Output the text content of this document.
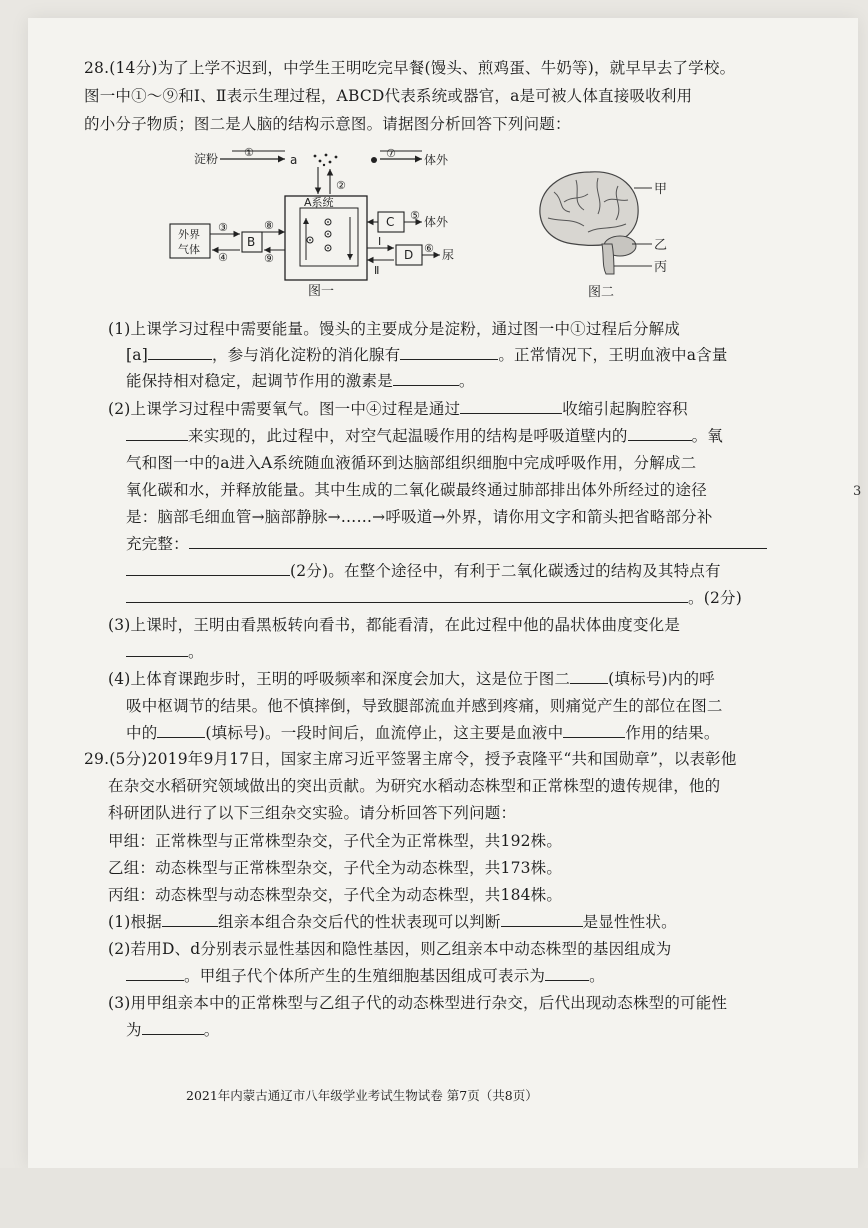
28.(14分)为了上学不迟到，中学生王明吃完早餐(馒头、煎鸡蛋、牛奶等)，就早早去了学校。
图一中①～⑨和Ⅰ、Ⅱ表示生理过程，ABCD代表系统或器官，a是可被人体直接吸收利用
的小分子物质；图二是人脑的结构示意图。请据图分析回答下列问题：
淀粉 ①
a	⑦ 体外
②
A系统
外界
气体
③
④
B
⑧
⑨
C ⑤ 体外
Ⅰ
Ⅱ
D ⑥ 尿
图一
甲
乙
丙
图二
(1)上课学习过程中需要能量。馒头的主要成分是淀粉，通过图一中①过程后分解成
[a]	，参与消化淀粉的消化腺有	。正常情况下，王明血液中a含量
能保持相对稳定，起调节作用的激素是	。
(2)上课学习过程中需要氧气。图一中④过程是通过	收缩引起胸腔容积
来实现的，此过程中，对空气起温暖作用的结构是呼吸道壁内的	。氧
气和图一中的a进入A系统随血液循环到达脑部组织细胞中完成呼吸作用，分解成二
氧化碳和水，并释放能量。其中生成的二氧化碳最终通过肺部排出体外所经过的途径
是：脑部毛细血管→脑部静脉→……→呼吸道→外界，请你用文字和箭头把省略部分补
充完整：
(2分)。在整个途径中，有利于二氧化碳透过的结构及其特点有
。(2分)
(3)上课时，王明由看黑板转向看书，都能看清，在此过程中他的晶状体曲度变化是
。
(4)上体育课跑步时，王明的呼吸频率和深度会加大，这是位于图二 (填标号)内的呼
吸中枢调节的结果。他不慎摔倒，导致腿部流血并感到疼痛，则痛觉产生的部位在图二
中的	(填标号)。一段时间后，血流停止，这主要是血液中	作用的结果。
29.(5分)2019年9月17日，国家主席习近平签署主席令，授予袁隆平“共和国勋章”，以表彰他
在杂交水稻研究领域做出的突出贡献。为研究水稻动态株型和正常株型的遗传规律，他的
科研团队进行了以下三组杂交实验。请分析回答下列问题：
甲组：正常株型与正常株型杂交，子代全为正常株型，共192株。
乙组：动态株型与正常株型杂交，子代全为动态株型，共173株。
丙组：动态株型与动态株型杂交，子代全为动态株型，共184株。
(1)根据	组亲本组合杂交后代的性状表现可以判断	是显性性状。
(2)若用D、d分别表示显性基因和隐性基因，则乙组亲本中动态株型的基因组成为
。甲组子代个体所产生的生殖细胞基因组成可表示为	。
(3)用甲组亲本中的正常株型与乙组子代的动态株型进行杂交，后代出现动态株型的可能性
为	。
2021年内蒙古通辽市八年级学业考试生物试卷 第7页（共8页）
3
